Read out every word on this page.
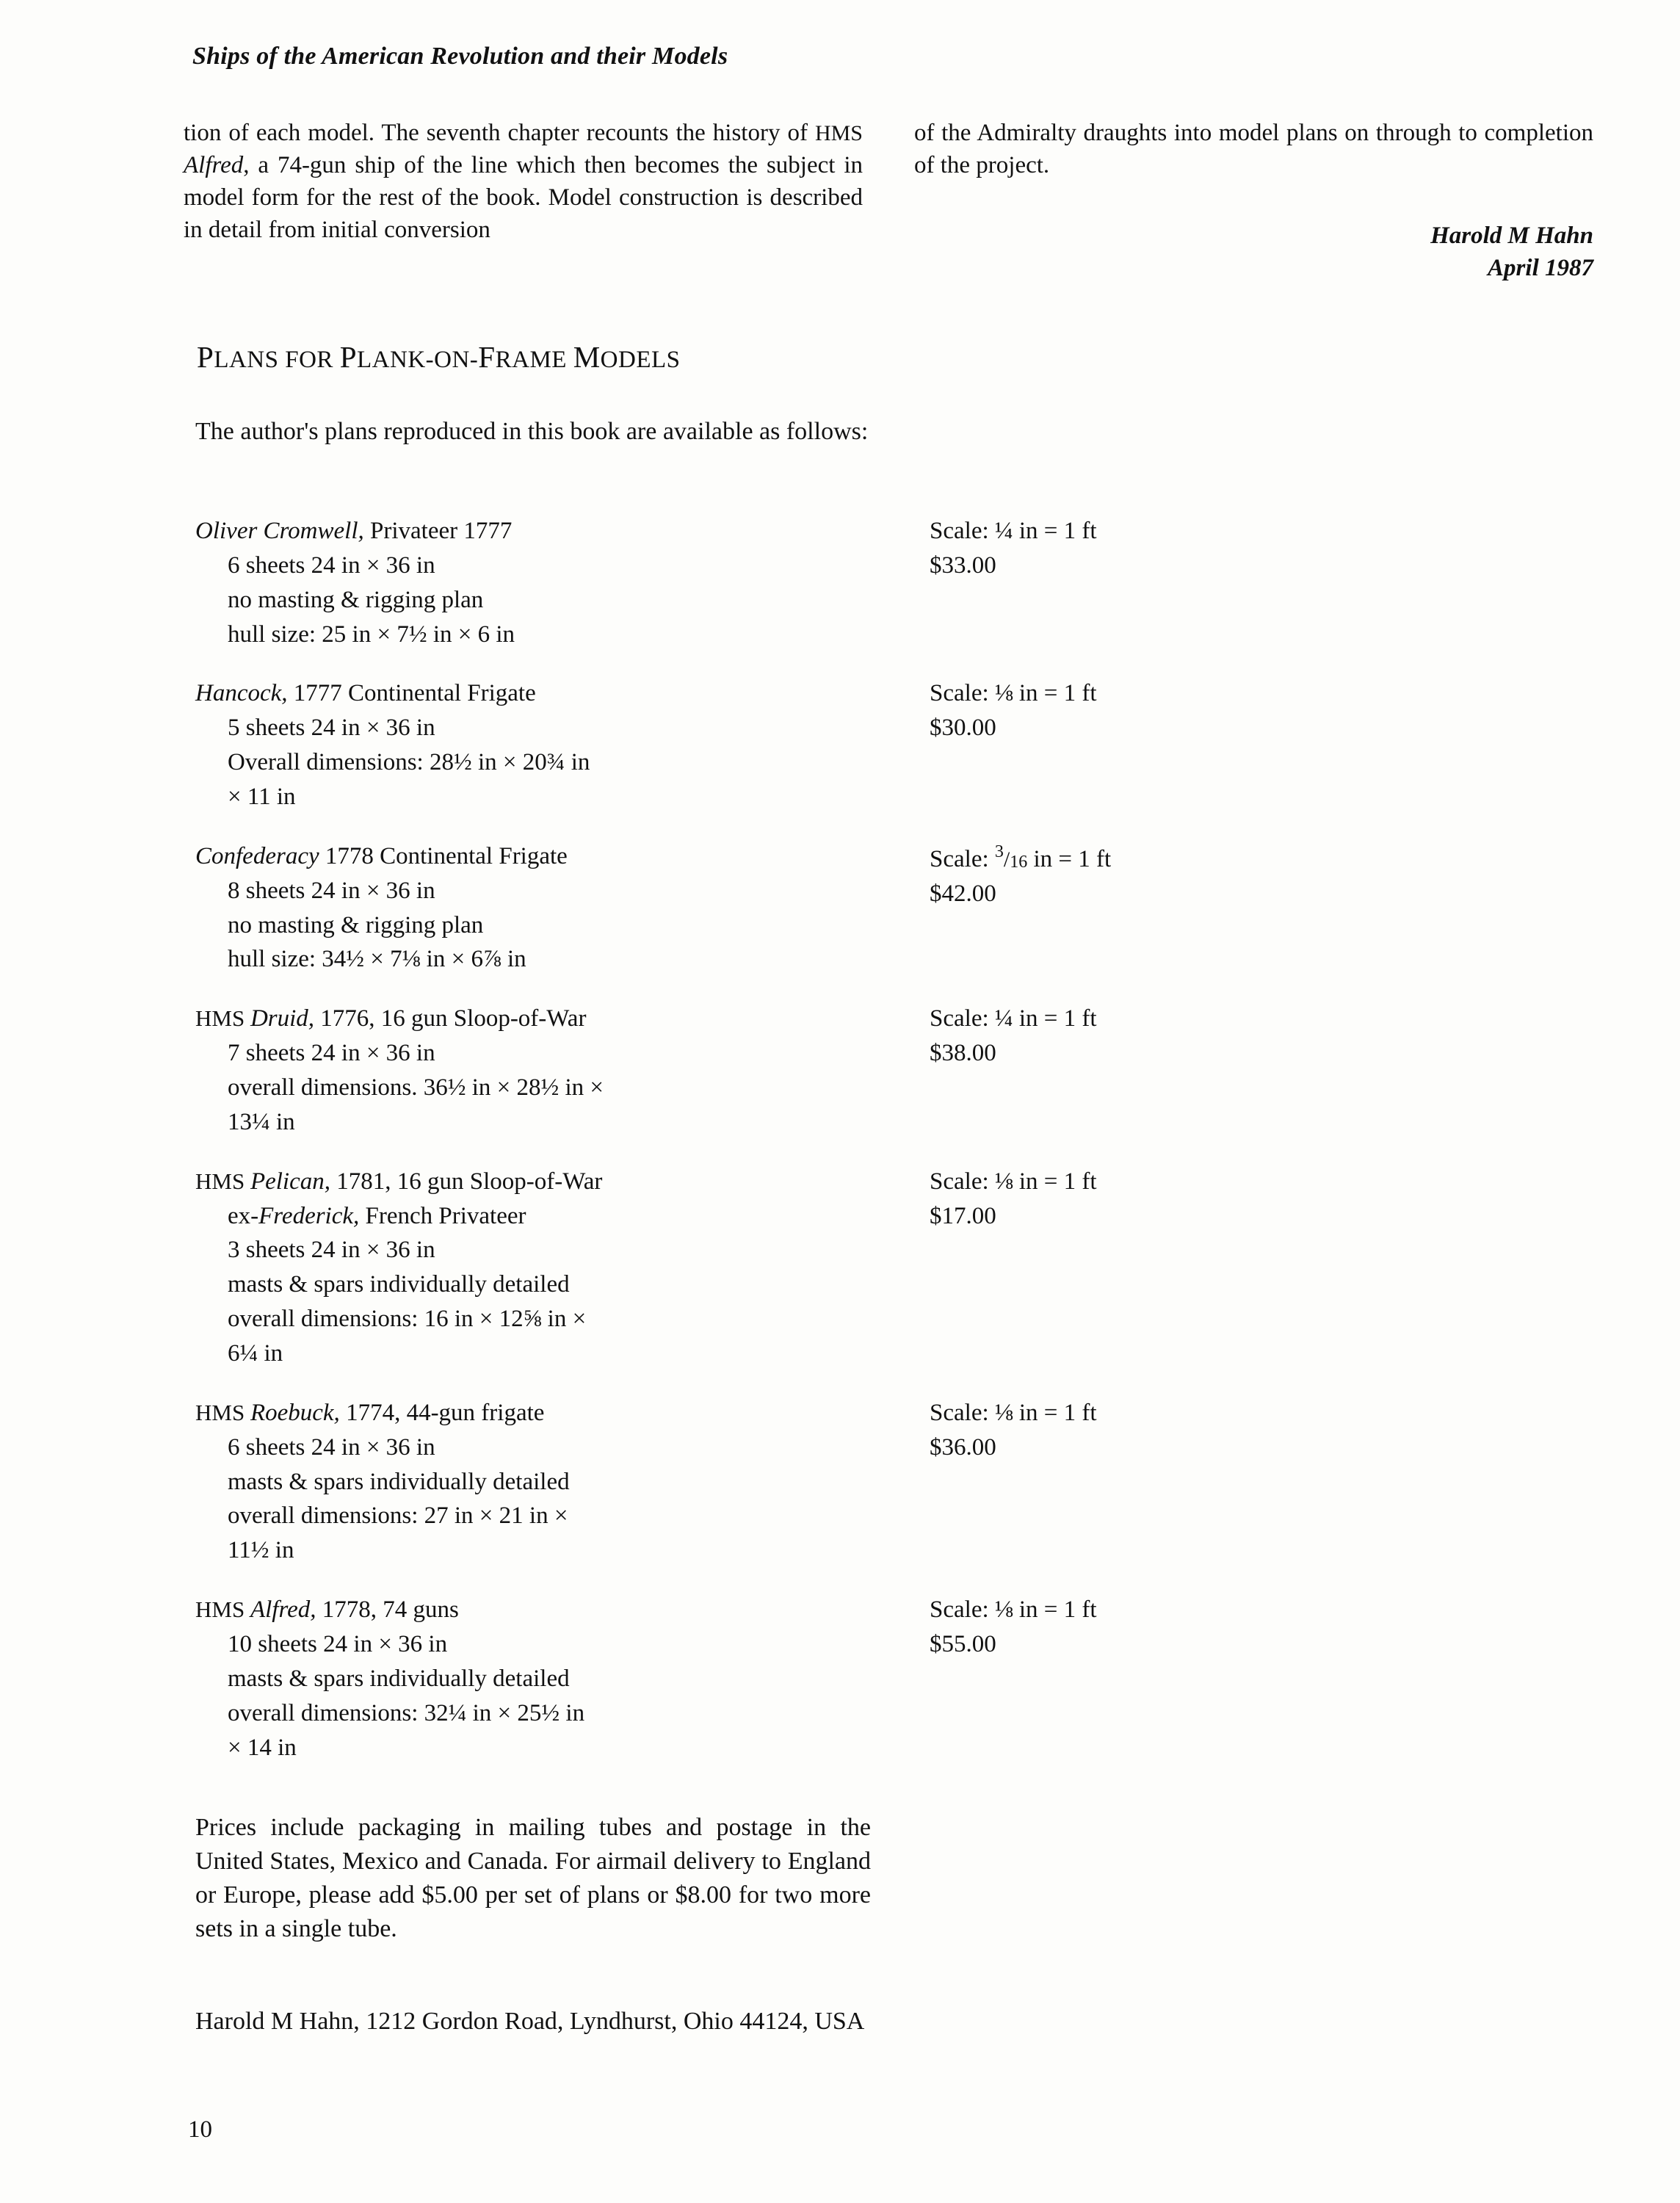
Ships of the American Revolution and their Models
tion of each model. The seventh chapter recounts the history of HMS Alfred, a 74-gun ship of the line which then becomes the subject in model form for the rest of the book. Model construction is described in detail from initial conversion
of the Admiralty draughts into model plans on through to completion of the project.
Harold M Hahn
April 1987
PLANS FOR PLANK-ON-FRAME MODELS
The author's plans reproduced in this book are available as follows:
Oliver Cromwell, Privateer 1777
6 sheets 24 in × 36 in
no masting & rigging plan
hull size: 25 in × 7½ in × 6 in
Scale: ¼ in = 1 ft
$33.00
Hancock, 1777 Continental Frigate
5 sheets 24 in × 36 in
Overall dimensions: 28½ in × 20¾ in
× 11 in
Scale: ⅛ in = 1 ft
$30.00
Confederacy 1778 Continental Frigate
8 sheets 24 in × 36 in
no masting & rigging plan
hull size: 34½ × 7⅛ in × 6⅞ in
Scale: $^3$/16 in = 1 ft
$42.00
HMS Druid, 1776, 16 gun Sloop-of-War
7 sheets 24 in × 36 in
overall dimensions. 36½ in × 28½ in ×
13¼ in
Scale: ¼ in = 1 ft
$38.00
HMS Pelican, 1781, 16 gun Sloop-of-War
ex-Frederick, French Privateer
3 sheets 24 in × 36 in
masts & spars individually detailed
overall dimensions: 16 in × 12⅝ in ×
6¼ in
Scale: ⅛ in = 1 ft
$17.00
HMS Roebuck, 1774, 44-gun frigate
6 sheets 24 in × 36 in
masts & spars individually detailed
overall dimensions: 27 in × 21 in ×
11½ in
Scale: ⅛ in = 1 ft
$36.00
HMS Alfred, 1778, 74 guns
10 sheets 24 in × 36 in
masts & spars individually detailed
overall dimensions: 32¼ in × 25½ in
× 14 in
Scale: ⅛ in = 1 ft
$55.00
Prices include packaging in mailing tubes and postage in the United States, Mexico and Canada. For airmail delivery to England or Europe, please add $5.00 per set of plans or $8.00 for two more sets in a single tube.
Harold M Hahn, 1212 Gordon Road, Lyndhurst, Ohio 44124, USA
10
